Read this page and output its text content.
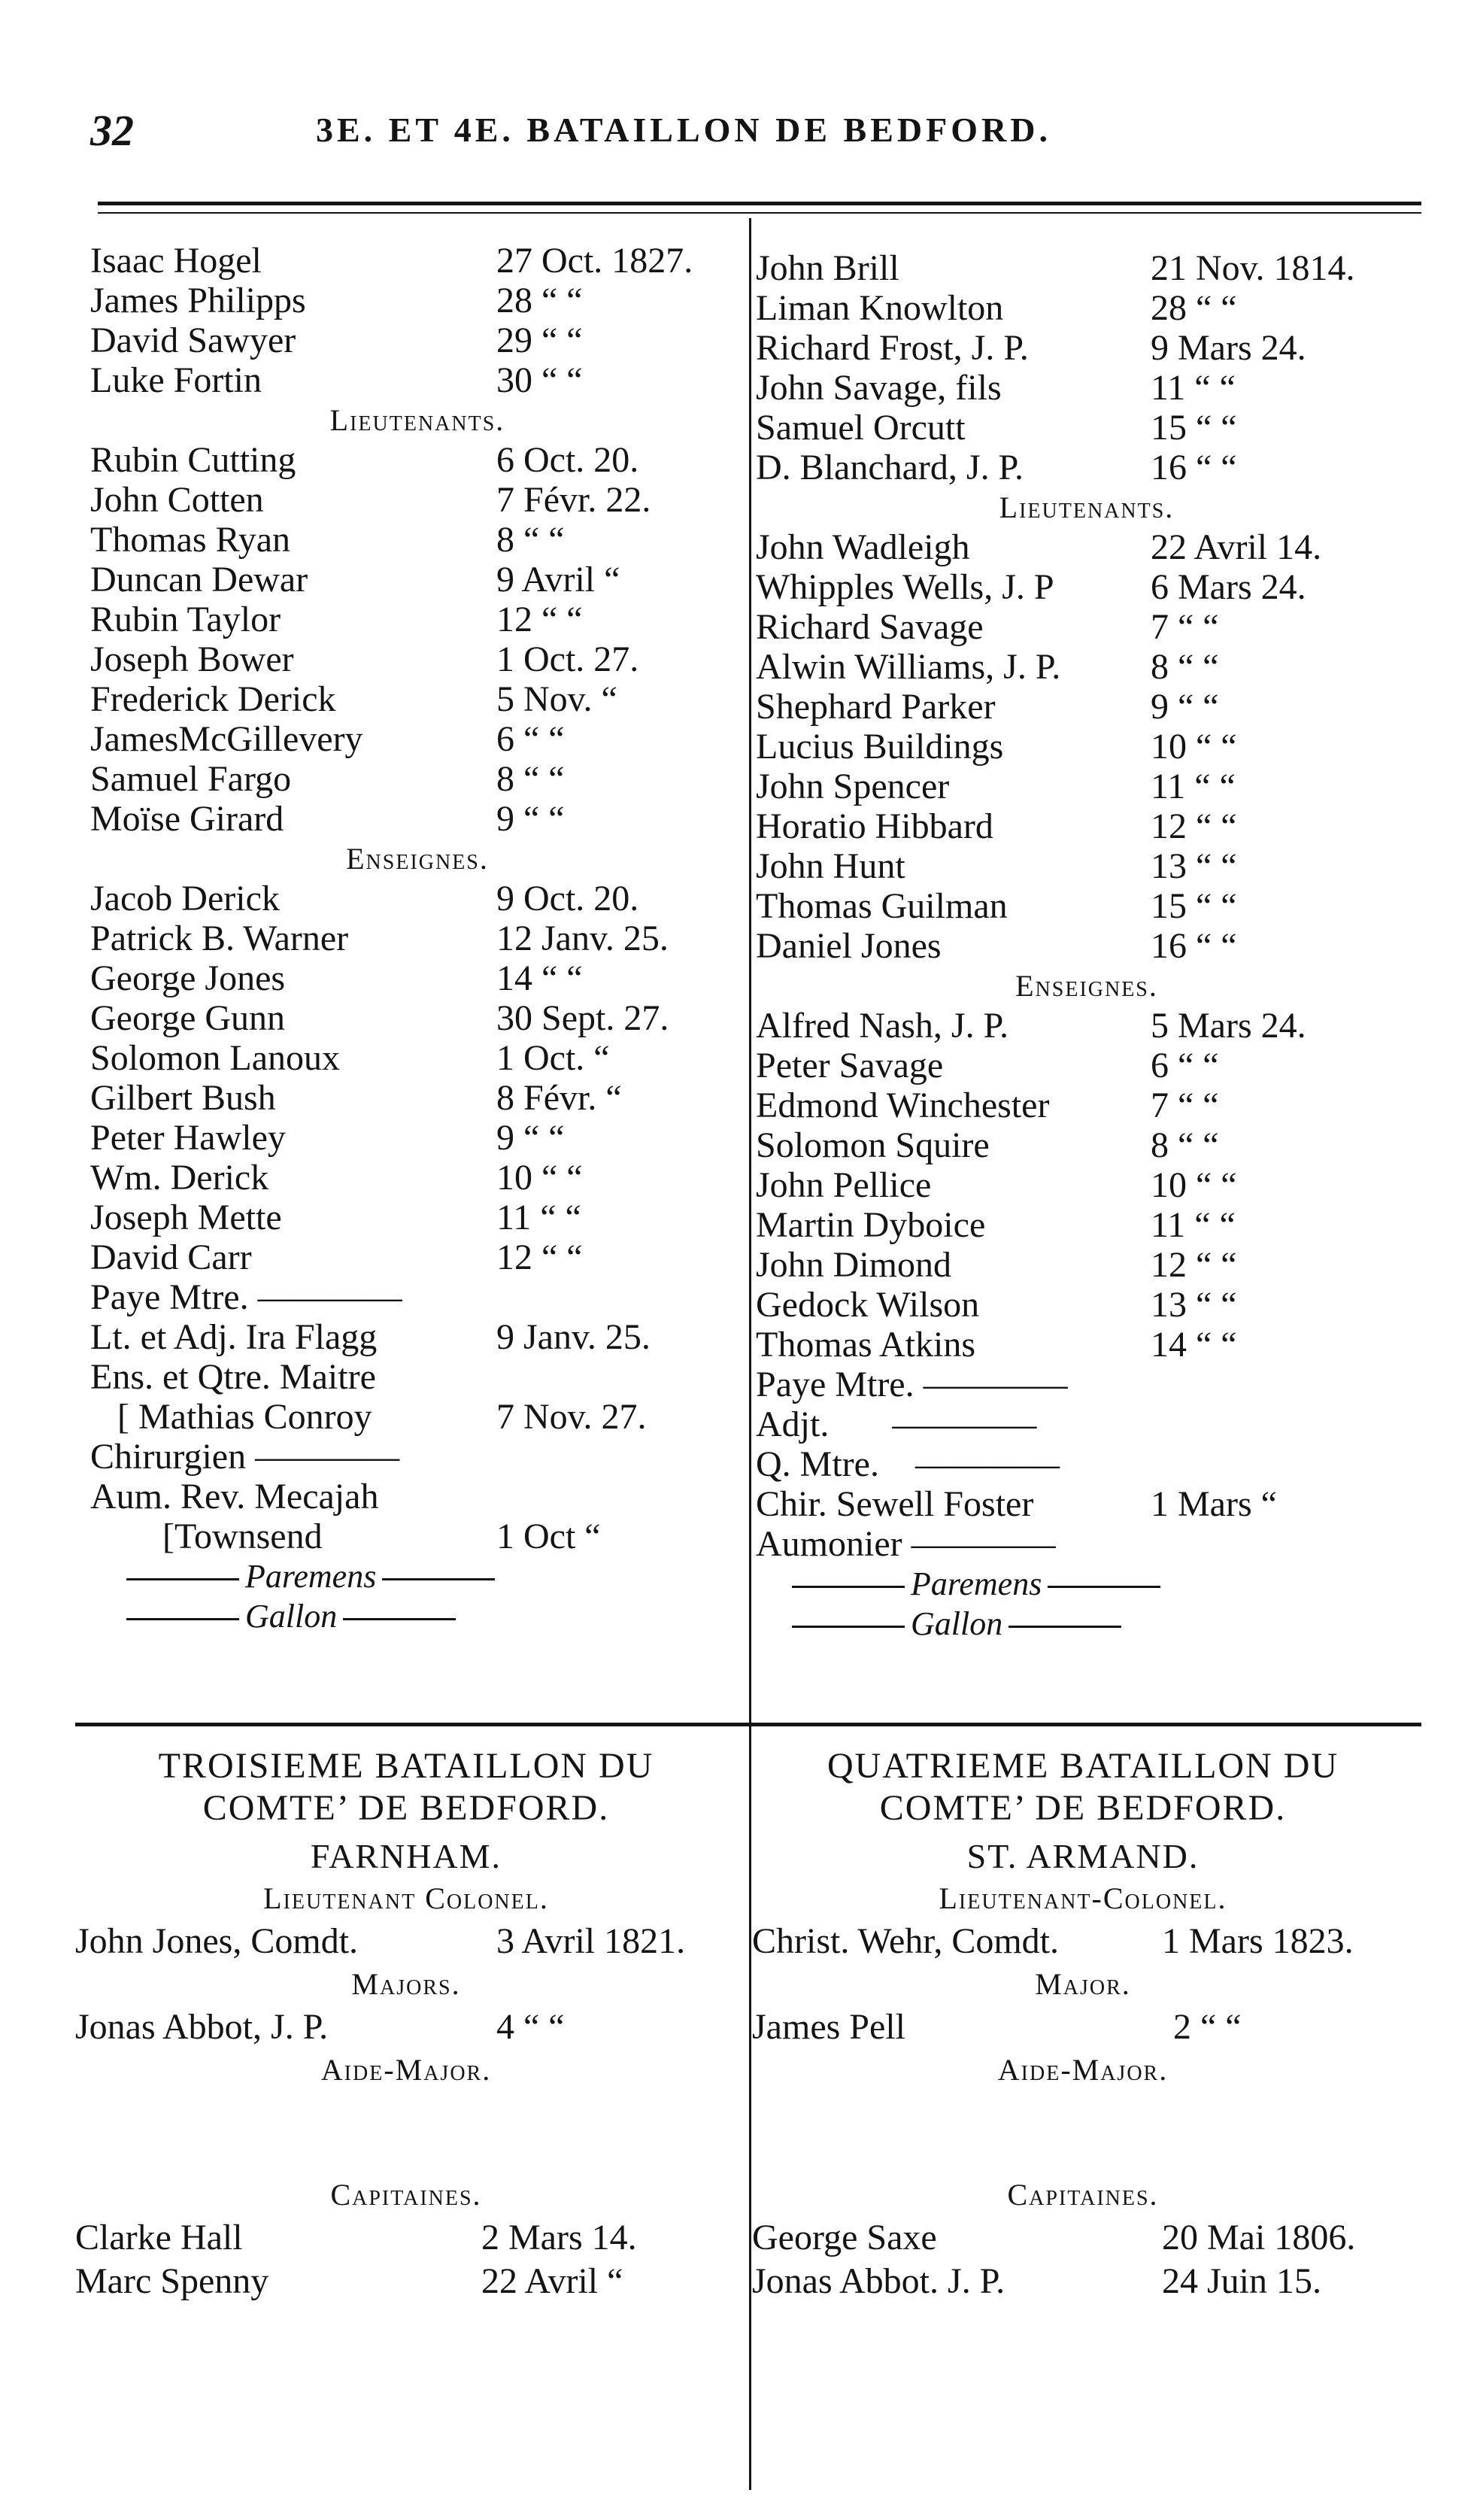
32	3E. ET 4E. BATAILLON DE BEDFORD.
Isaac Hogel	27 Oct. 1827.
James Philipps	28 “ “
David Sawyer	29 “ “
Luke Fortin	30 “ “
Lieutenants.
Rubin Cutting	6 Oct. 20.
John Cotten	7 Févr. 22.
Thomas Ryan	8 “ “
Duncan Dewar	9 Avril “
Rubin Taylor	12 “ “
Joseph Bower	1 Oct. 27.
Frederick Derick	5 Nov. “
JamesMcGillevery	6 “ “
Samuel Fargo	8 “ “
Moïse Girard	9 “ “
Enseignes.
Jacob Derick	9 Oct. 20.
Patrick B. Warner	12 Janv. 25.
George Jones	14 “ “
George Gunn	30 Sept. 27.
Solomon Lanoux	1 Oct. “
Gilbert Bush	8 Févr. “
Peter Hawley	9 “ “
Wm. Derick	10 “ “
Joseph Mette	11 “ “
David Carr	12 “ “
Paye Mtre. ————
Lt. et Adj. Ira Flagg	9 Janv. 25.
Ens. et Qtre. Maitre
[ Mathias Conroy	7 Nov. 27.
Chirurgien ————
Aum. Rev. Mecajah
[Townsend	1 Oct “
Paremens
Gallon
John Brill	21 Nov. 1814.
Liman Knowlton	28 “ “
Richard Frost, J. P.	9 Mars 24.
John Savage, fils	11 “ “
Samuel Orcutt	15 “ “
D. Blanchard, J. P.	16 “ “
Lieutenants.
John Wadleigh	22 Avril 14.
Whipples Wells, J. P	6 Mars 24.
Richard Savage	7 “ “
Alwin Williams, J. P. 8 “ “
Shephard Parker	9 “ “
Lucius Buildings	10 “ “
John Spencer	11 “ “
Horatio Hibbard	12 “ “
John Hunt	13 “ “
Thomas Guilman	15 “ “
Daniel Jones	16 “ “
Enseignes.
Alfred Nash, J. P.	5 Mars 24.
Peter Savage	6 “ “
Edmond Winchester	7 “ “
Solomon Squire	8 “ “
John Pellice	10 “ “
Martin Dyboice	11 “ “
John Dimond	12 “ “
Gedock Wilson	13 “ “
Thomas Atkins	14 “ “
Paye Mtre. ————
Adjt.       ————
Q. Mtre.    ————
Chir. Sewell Foster	1 Mars “
Aumonier ————
Paremens
Gallon
TROISIEME BATAILLON DU
COMTE’ DE BEDFORD.
FARNHAM.
Lieutenant Colonel.
John Jones, Comdt.	3 Avril 1821.
Majors.
Jonas Abbot, J. P.	4 “ “
Aide-Major.
Capitaines.
Clarke Hall	2 Mars 14.
Marc Spenny	22 Avril “
QUATRIEME BATAILLON DU
COMTE’ DE BEDFORD.
ST. ARMAND.
Lieutenant-Colonel.
Christ. Wehr, Comdt.	1 Mars 1823.
Major.
James Pell	2 “ “
Aide-Major.
Capitaines.
George Saxe	20 Mai 1806.
Jonas Abbot. J. P.	24 Juin 15.
